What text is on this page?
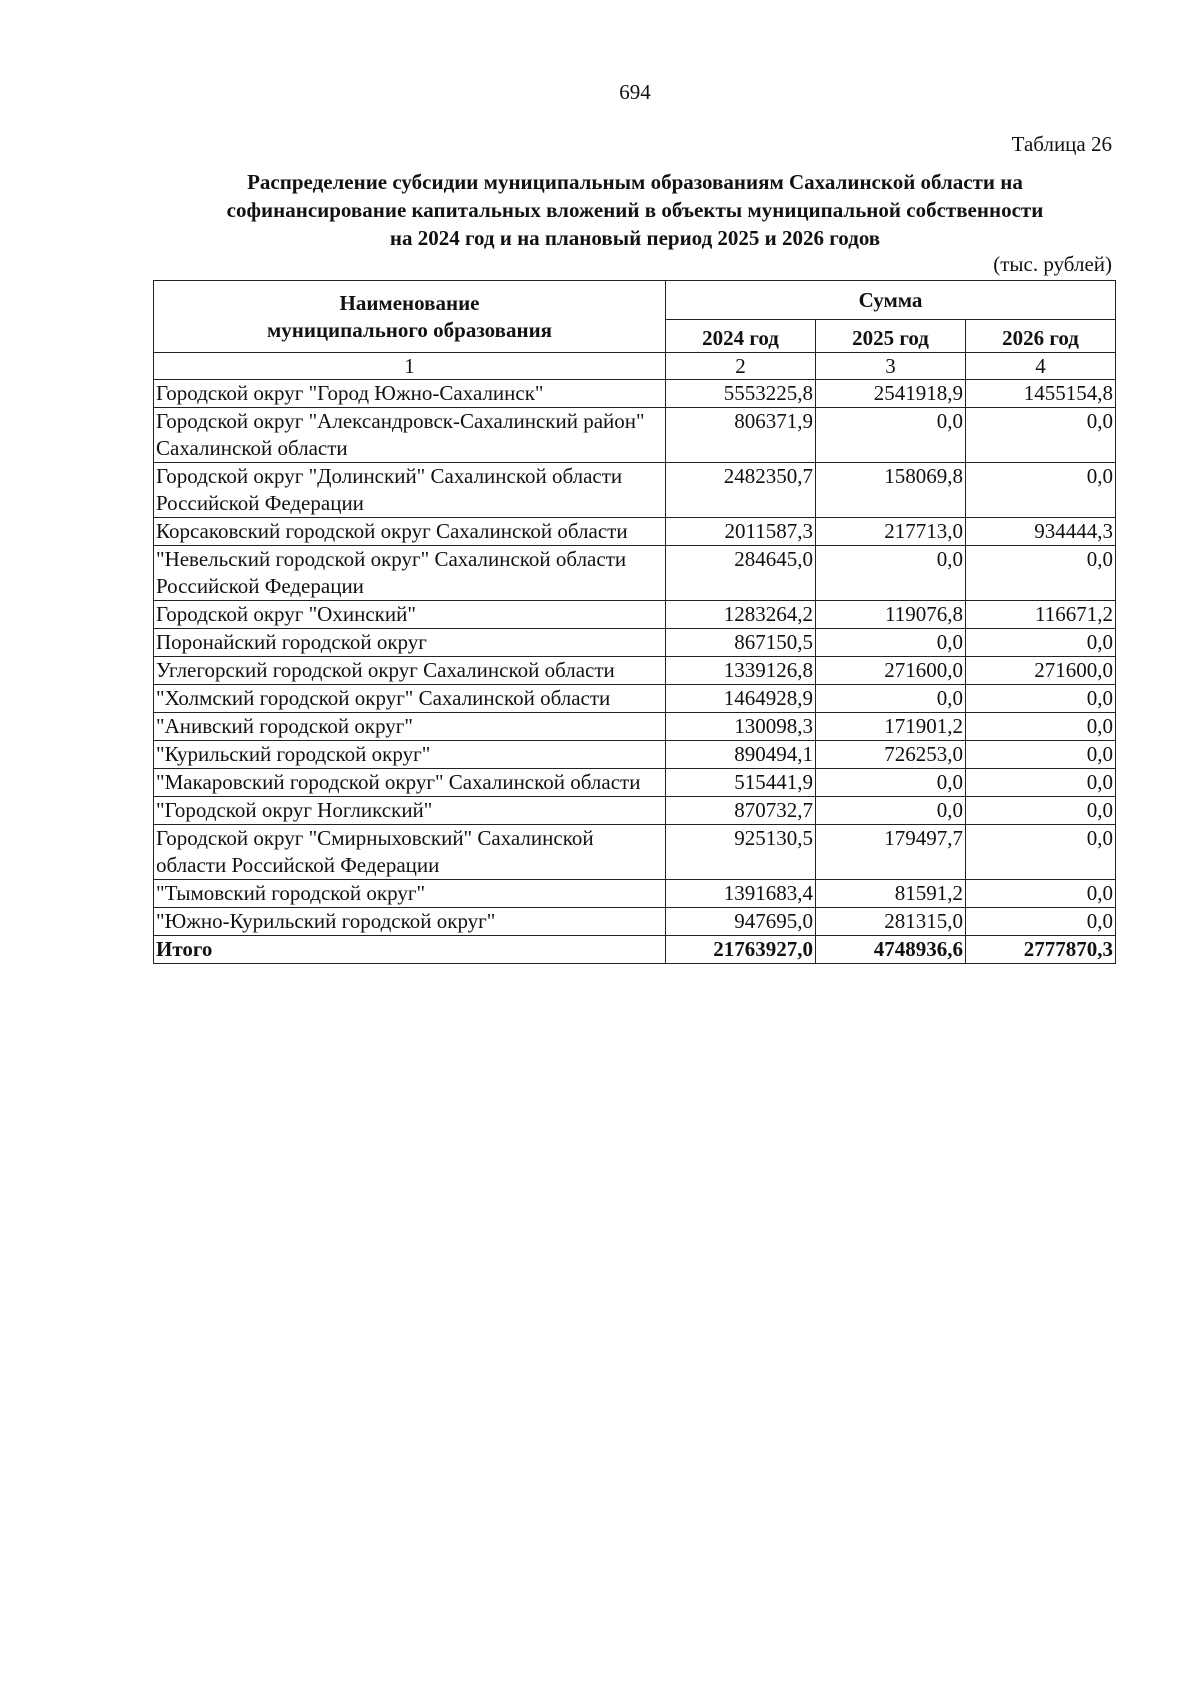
694
Таблица 26
Распределение субсидии муниципальным образованиям Сахалинской области на
софинансирование капитальных вложений в объекты муниципальной собственности
на 2024 год и на плановый период 2025 и 2026 годов
(тыс. рублей)
Наименование
муниципального образования	Сумма		
	2024 год	2025 год	2026 год
1	2	3	4
Городской округ "Город Южно-Сахалинск"	5553225,8	2541918,9	1455154,8
Городской округ "Александровск-Сахалинский район" Сахалинской области	806371,9	0,0	0,0
Городской округ "Долинский" Сахалинской области Российской Федерации	2482350,7	158069,8	0,0
Корсаковский городской округ Сахалинской области	2011587,3	217713,0	934444,3
"Невельский городской округ" Сахалинской области Российской Федерации	284645,0	0,0	0,0
Городской округ "Охинский"	1283264,2	119076,8	116671,2
Поронайский городской округ	867150,5	0,0	0,0
Углегорский городской округ Сахалинской области	1339126,8	271600,0	271600,0
"Холмский городской округ" Сахалинской области	1464928,9	0,0	0,0
"Анивский городской округ"	130098,3	171901,2	0,0
"Курильский городской округ"	890494,1	726253,0	0,0
"Макаровский городской округ" Сахалинской области	515441,9	0,0	0,0
"Городской округ Ногликский"	870732,7	0,0	0,0
Городской округ "Смирныховский" Сахалинской области Российской Федерации	925130,5	179497,7	0,0
"Тымовский городской округ"	1391683,4	81591,2	0,0
"Южно-Курильский городской округ"	947695,0	281315,0	0,0
Итого	21763927,0	4748936,6	2777870,3
